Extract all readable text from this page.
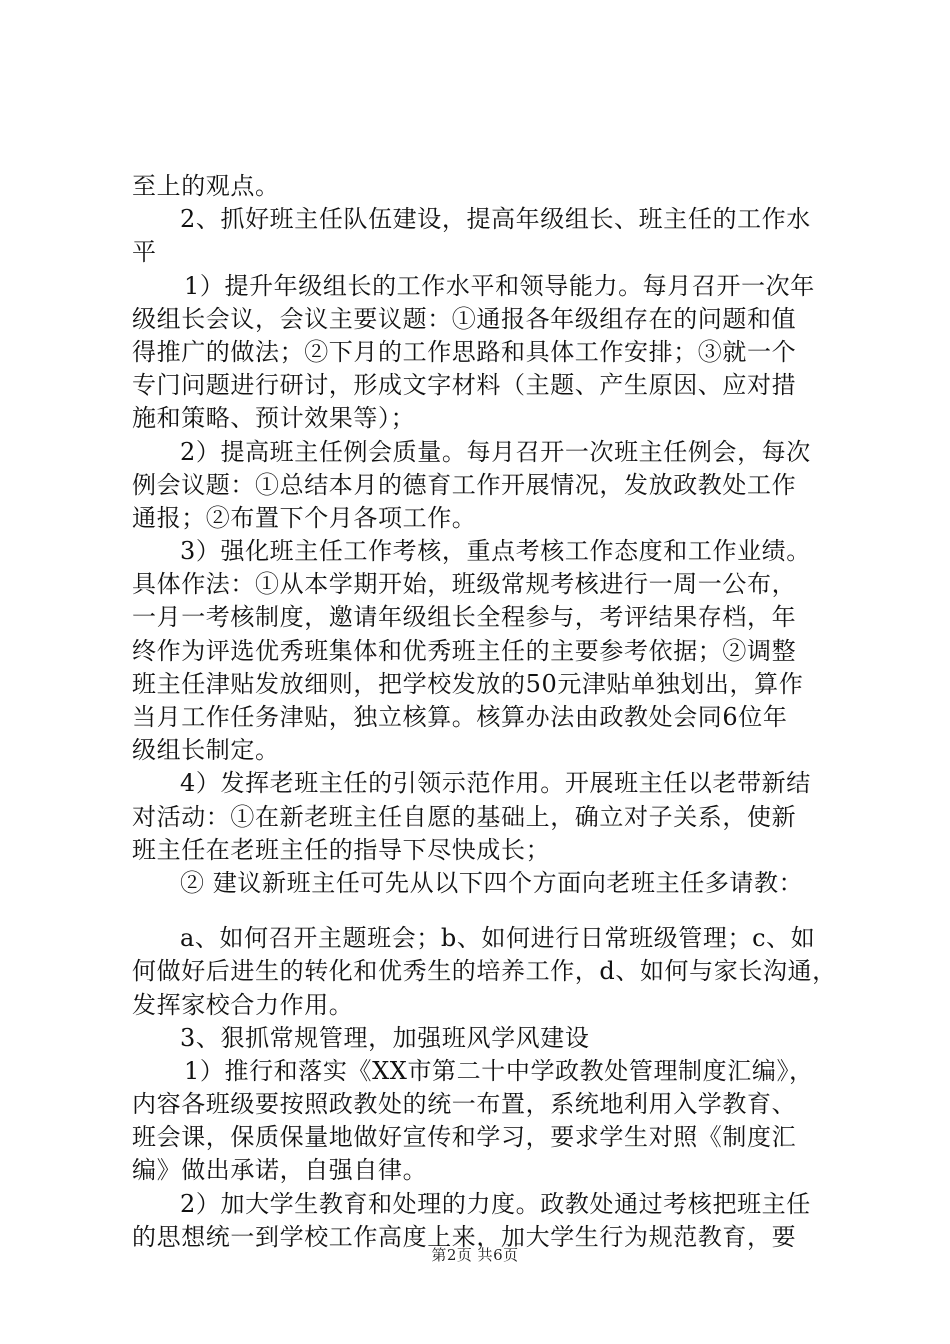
至上的观点。
2、抓好班主任队伍建设，提高年级组长、班主任的工作水
平
1）提升年级组长的工作水平和领导能力。每月召开一次年
级组长会议，会议主要议题：①通报各年级组存在的问题和值
得推广的做法；②下月的工作思路和具体工作安排；③就一个
专门问题进行研讨，形成文字材料（主题、产生原因、应对措
施和策略、预计效果等）；
2）提高班主任例会质量。每月召开一次班主任例会，每次
例会议题：①总结本月的德育工作开展情况，发放政教处工作
通报；②布置下个月各项工作。
3）强化班主任工作考核，重点考核工作态度和工作业绩。
具体作法：①从本学期开始，班级常规考核进行一周一公布，
一月一考核制度，邀请年级组长全程参与，考评结果存档，年
终作为评选优秀班集体和优秀班主任的主要参考依据；②调整
班主任津贴发放细则，把学校发放的50元津贴单独划出，算作
当月工作任务津贴，独立核算。核算办法由政教处会同6位年
级组长制定。
4）发挥老班主任的引领示范作用。开展班主任以老带新结
对活动：①在新老班主任自愿的基础上，确立对子关系，使新
班主任在老班主任的指导下尽快成长；
② 建议新班主任可先从以下四个方面向老班主任多请教：
a、如何召开主题班会；b、如何进行日常班级管理；c、如
何做好后进生的转化和优秀生的培养工作，d、如何与家长沟通，
发挥家校合力作用。
3、狠抓常规管理，加强班风学风建设
1）推行和落实《XX市第二十中学政教处管理制度汇编》，
内容各班级要按照政教处的统一布置，系统地利用入学教育、
班会课，保质保量地做好宣传和学习，要求学生对照《制度汇
编》做出承诺，自强自律。
2）加大学生教育和处理的力度。政教处通过考核把班主任
的思想统一到学校工作高度上来，加大学生行为规范教育，要
第2页 共6页
